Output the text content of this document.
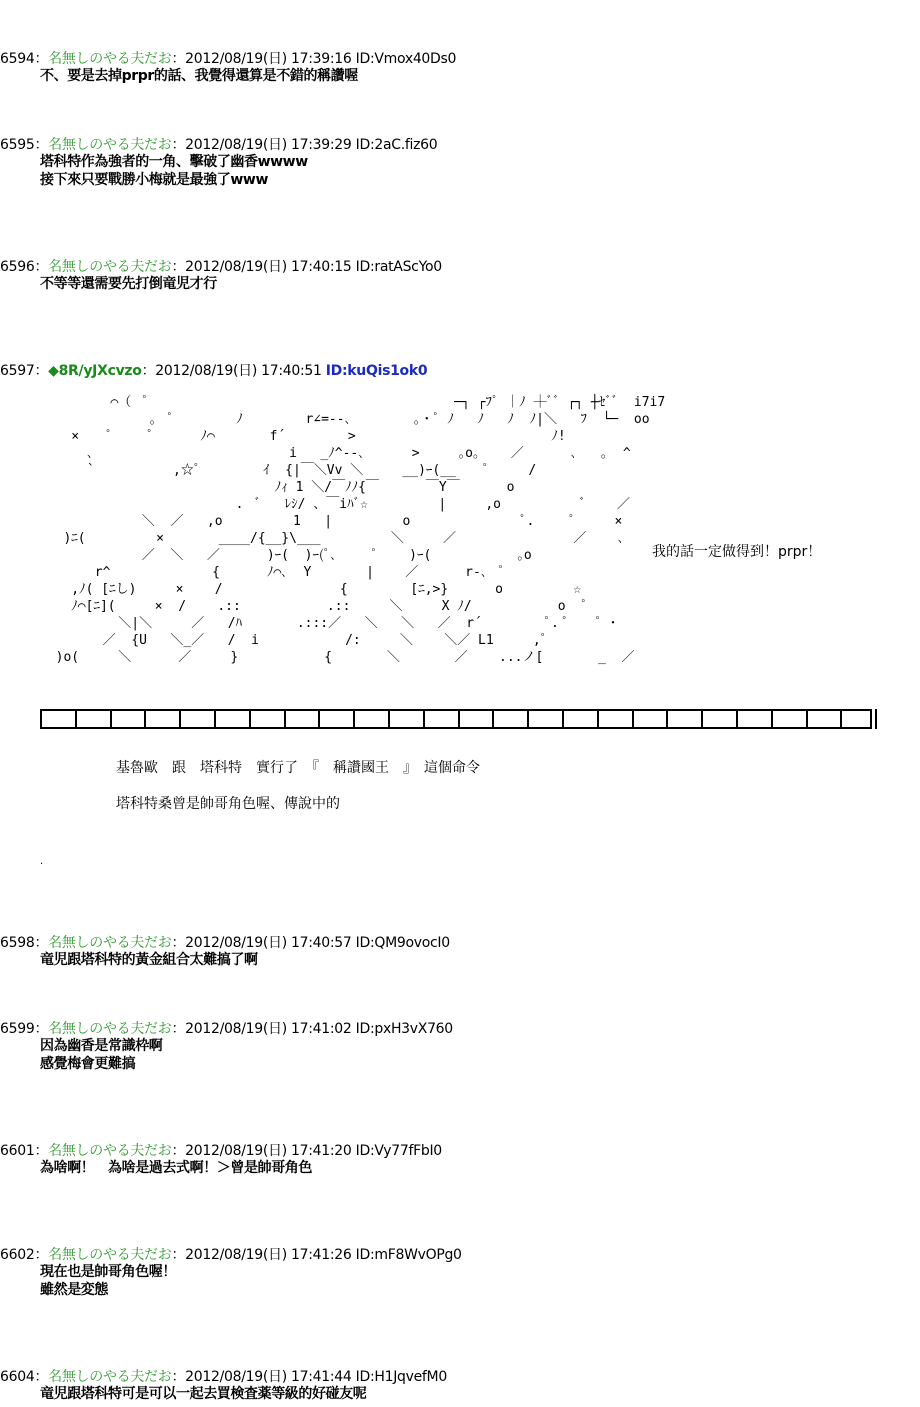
6594：名無しのやる夫だお：2012/08/19(日) 17:39:16 ID:Vmox40Ds0
不、要是去掉prpr的話、我覺得還算是不錯的稱讚喔
6595：名無しのやる夫だお：2012/08/19(日) 17:39:29 ID:2aC.fiz60
塔科特作為強者的一角、擊破了幽香wwww
接下來只要戰勝小梅就是最強了www
6596：名無しのやる夫だお：2012/08/19(日) 17:40:15 ID:ratAScYo0
不等等還需要先打倒竜児才行
6597：◆8R/yJXcvzo：2012/08/19(日) 17:40:51 ID:kuQis1ok0
⌒（  ﾟ                                       ─┐ ┌ﾌﾟ ｜ﾉ ┼ﾞﾞ ┌┐ ┼ｾﾞﾞ  i7i7
｡  ﾟ        ﾉ        r∠=-‐､        。・ﾟ ﾉ   ﾉ   ﾉ  ﾉ|＼   ﾌ  └─  oo
×    ﾟ     ﾟ      ﾉ⌒       f´        >                         ﾉ!
､                         i   _ﾉ^--､      >     ｡o｡    ／      ､   ｡  ^
`          ,☆ﾟ        ｲ  {|￣＼Vv ＼     __)ｰ(__    ﾟ     /
ﾉｨ 1 ＼/￣ﾉﾉ{￣      ￣Y￣      o
.  ﾞ   ﾚｼ/ 、￣iﾊﾞ☆         |     ,o          ﾞ    ／
＼  ／   ,o         1   |         o              ﾟ.     ﾟ     ×
)ﾆ(         ×       ____/{__}\___         ＼     ／               ／    ､
／  ＼   ／      )ｰ(  )ｰ(ﾟ､     ﾟ    )ｰ(           ｡o
r^             {      ﾉ⌒､  Y       |    ／      r-､  ﾟ
,ﾉ( [ﾆし)     ×    /               {        [ﾆ,>}      o         ☆
ﾉ⌒[ﾆ](     ×  /    .::           .::     ＼     X ﾉ/           o  ﾟ
＼|＼     ／   /ﾊ       .:::／   ＼   ＼   ／  r´        ﾟ. ﾟ    ﾟ ･
／  {U   ＼_／   /  i           /:     ＼    ＼／ L1     ,ﾟ
)o(     ＼      ／     }           {       ＼       ／    ...ノ[       _  ／
我的話一定做得到！prpr！
基魯歐　跟　塔科特　實行了　『　稱讚國王　』　這個命令
塔科特桑曾是帥哥角色喔、傳說中的
.
6598：名無しのやる夫だお：2012/08/19(日) 17:40:57 ID:QM9ovocI0
竜児跟塔科特的黃金組合太難搞了啊
6599：名無しのやる夫だお：2012/08/19(日) 17:41:02 ID:pxH3vX760
因為幽香是常識枠啊
感覺梅會更難搞
6601：名無しのやる夫だお：2012/08/19(日) 17:41:20 ID:Vy77fFbI0
為啥啊！　為啥是過去式啊！＞曾是帥哥角色
6602：名無しのやる夫だお：2012/08/19(日) 17:41:26 ID:mF8WvOPg0
現在也是帥哥角色喔！
雖然是変態
6604：名無しのやる夫だお：2012/08/19(日) 17:41:44 ID:H1JqvefM0
竜児跟塔科特可是可以一起去買検査薬等級的好碰友呢
